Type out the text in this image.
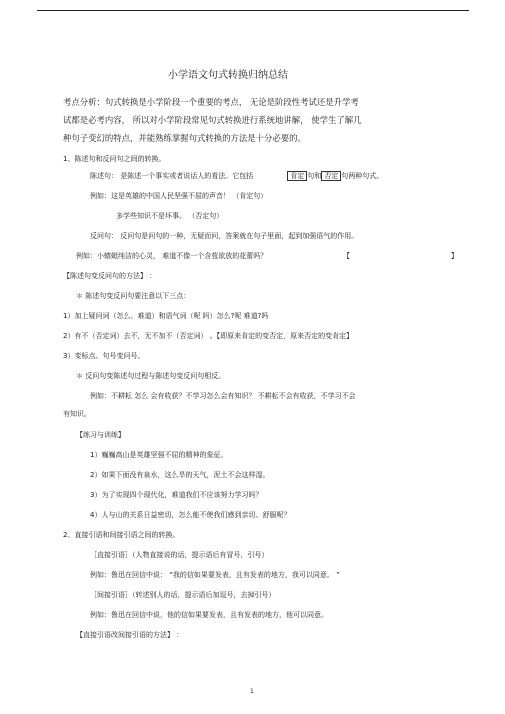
小学语文句式转换归纳总结
考点分析：句式转换是小学阶段一个重要的考点， 无论是阶段性考试还是升学考
试都是必考内容， 所以对小学阶段常见句式转换进行系统地讲解， 使学生了解几
种句子变幻的特点，并能熟练掌握句式转换的方法是十分必要的。
1、陈述句和反问句之间的转换。
陈述句： 是陈述一个事实或者说话人的看法。它包括	肯定 句和 否定 句两种句式。
例如：这是英雄的中国人民坚强不屈的声音！ （肯定句）
多学些知识不是坏事。 （否定句）
反问句： 反问句是问句的一种，无疑而问，答案就在句子里面，起到加强语气的作用。
例如：小蜻蜓纯洁的心灵， 难道不像一个含苞欲放的花蕾吗？	【	】
【陈述句变反问句的方法】 ：
＊ 陈述句变反问句要注意以下三点：
1）加上疑问词（怎么、难道）和语气词（呢 吗）怎么?呢 难道?吗
2）有不（否定词）去不，无不加不（否定词） 。【即原来肯定的变否定，原来否定的变肯定】
3）变标点。句号变问号。
＊ 反问句变陈述句过程与陈述句变反问句相反。
例如：不耕耘 怎么 会有收获？不学习怎么会有知识？ 不耕耘不会有收获，不学习不会
有知识。
【练习与训练】
1）巍巍高山是英雄坚强不屈的精神的象征。
2）如果下面没有泉水，这么旱的天气，泥土不会这样湿。
3）为了实现四个现代化，难道我们不应该努力学习吗？
4）人与山的关系日益密切，怎么能不使我们感到亲切、舒服呢？
2、直接引语和间接引语之间的转换。
［直接引语］（人物直接说的话，提示语后有冒号，引号）
例如：鲁迅在回信中说： “我的信如果要发表，且有发表的地方，我可以同意。 ”
［间接引语］（转述别人的话，提示语后加逗号，去掉引号）
例如：鲁迅在回信中说，他的信如果要发表，且有发表的地方，他可以同意。
【直接引语改间接引语的方法】 ：
1
